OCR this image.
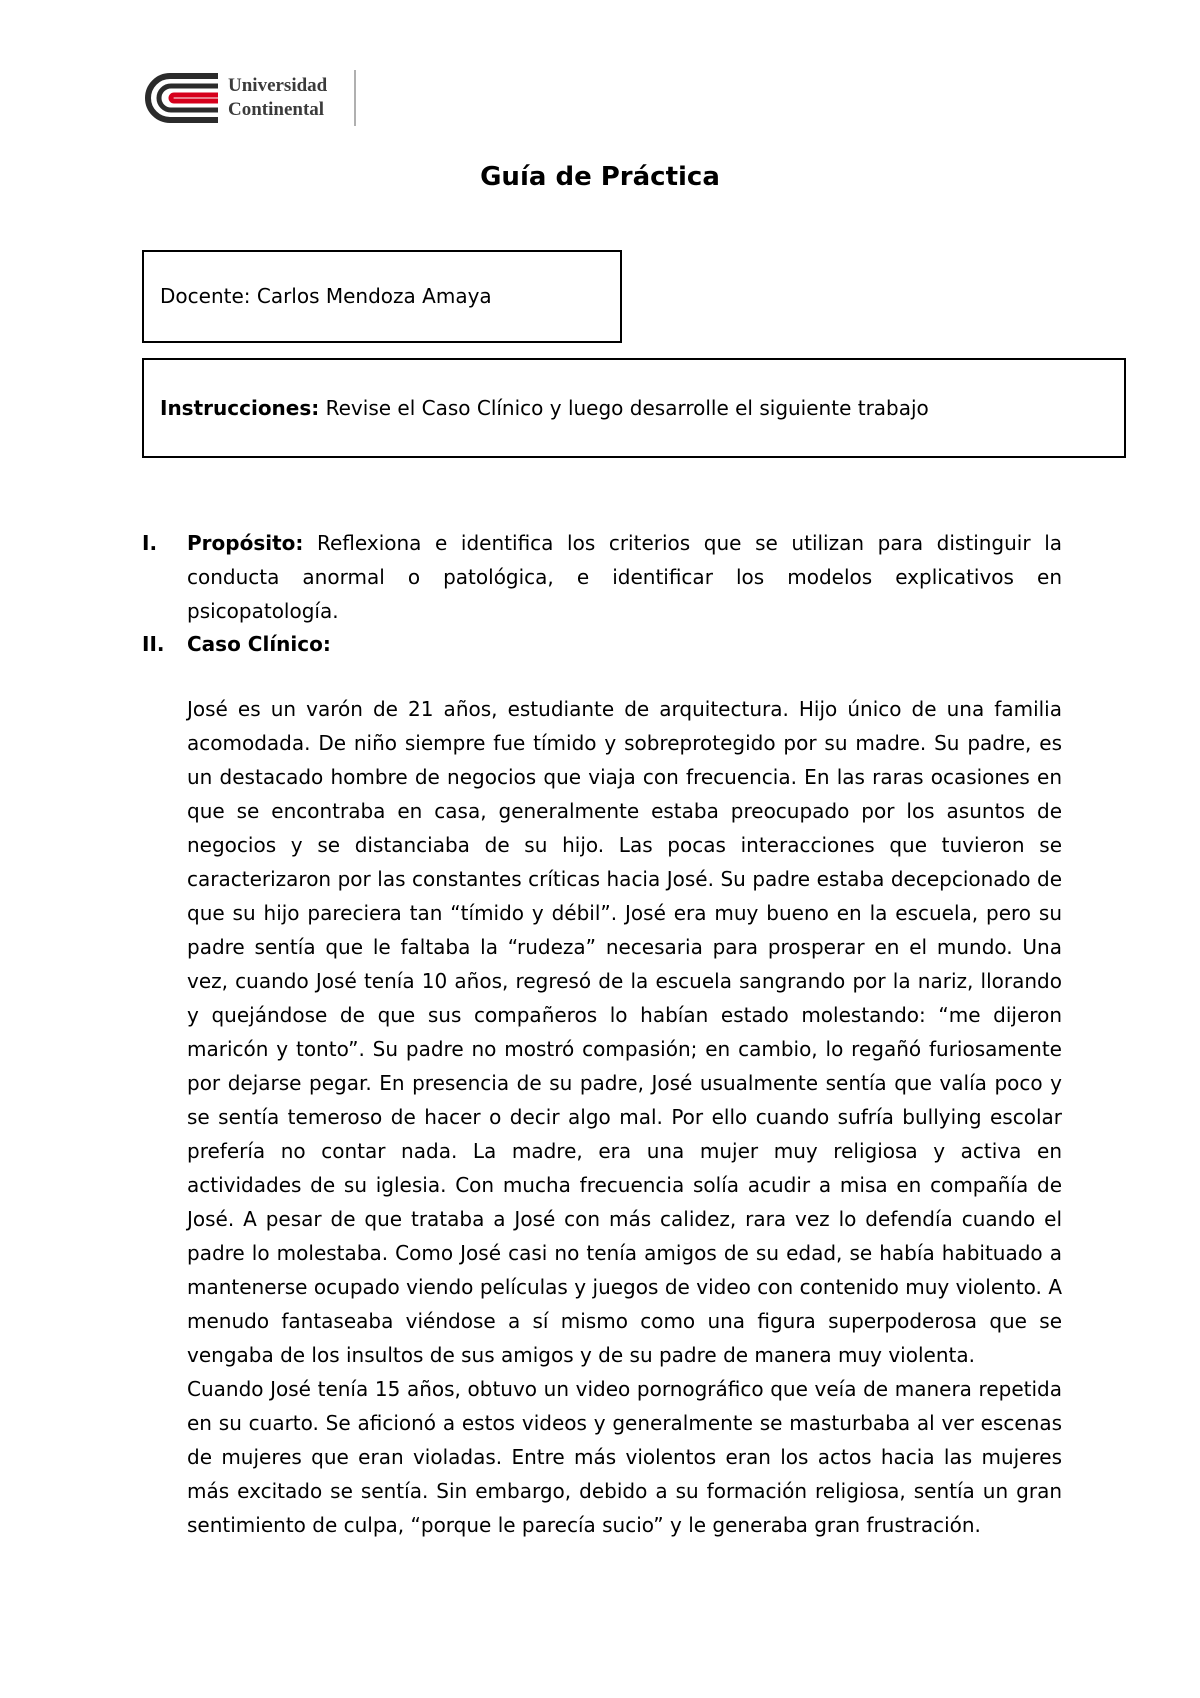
Universidad
Continental
Guía de Práctica
Docente: Carlos Mendoza Amaya
Instrucciones: Revise el Caso Clínico y luego desarrolle el siguiente trabajo
I. Propósito: Reflexiona e identifica los criterios que se utilizan para distinguir la conducta anormal o patológica, e identificar los modelos explicativos en psicopatología.
II. Caso Clínico:
José es un varón de 21 años, estudiante de arquitectura. Hijo único de una familia acomodada. De niño siempre fue tímido y sobreprotegido por su madre. Su padre, es un destacado hombre de negocios que viaja con frecuencia. En las raras ocasiones en que se encontraba en casa, generalmente estaba preocupado por los asuntos de negocios y se distanciaba de su hijo. Las pocas interacciones que tuvieron se caracterizaron por las constantes críticas hacia José. Su padre estaba decepcionado de que su hijo pareciera tan “tímido y débil”. José era muy bueno en la escuela, pero su padre sentía que le faltaba la “rudeza” necesaria para prosperar en el mundo. Una vez, cuando José tenía 10 años, regresó de la escuela sangrando por la nariz, llorando y quejándose de que sus compañeros lo habían estado molestando: “me dijeron maricón y tonto”. Su padre no mostró compasión; en cambio, lo regañó furiosamente por dejarse pegar. En presencia de su padre, José usualmente sentía que valía poco y se sentía temeroso de hacer o decir algo mal. Por ello cuando sufría bullying escolar prefería no contar nada. La madre, era una mujer muy religiosa y activa en actividades de su iglesia. Con mucha frecuencia solía acudir a misa en compañía de José. A pesar de que trataba a José con más calidez, rara vez lo defendía cuando el padre lo molestaba. Como José casi no tenía amigos de su edad, se había habituado a mantenerse ocupado viendo películas y juegos de video con contenido muy violento. A menudo fantaseaba viéndose a sí mismo como una figura superpoderosa que se vengaba de los insultos de sus amigos y de su padre de manera muy violenta.
Cuando José tenía 15 años, obtuvo un video pornográfico que veía de manera repetida en su cuarto. Se aficionó a estos videos y generalmente se masturbaba al ver escenas de mujeres que eran violadas. Entre más violentos eran los actos hacia las mujeres más excitado se sentía. Sin embargo, debido a su formación religiosa, sentía un gran sentimiento de culpa, “porque le parecía sucio” y le generaba gran frustración.
